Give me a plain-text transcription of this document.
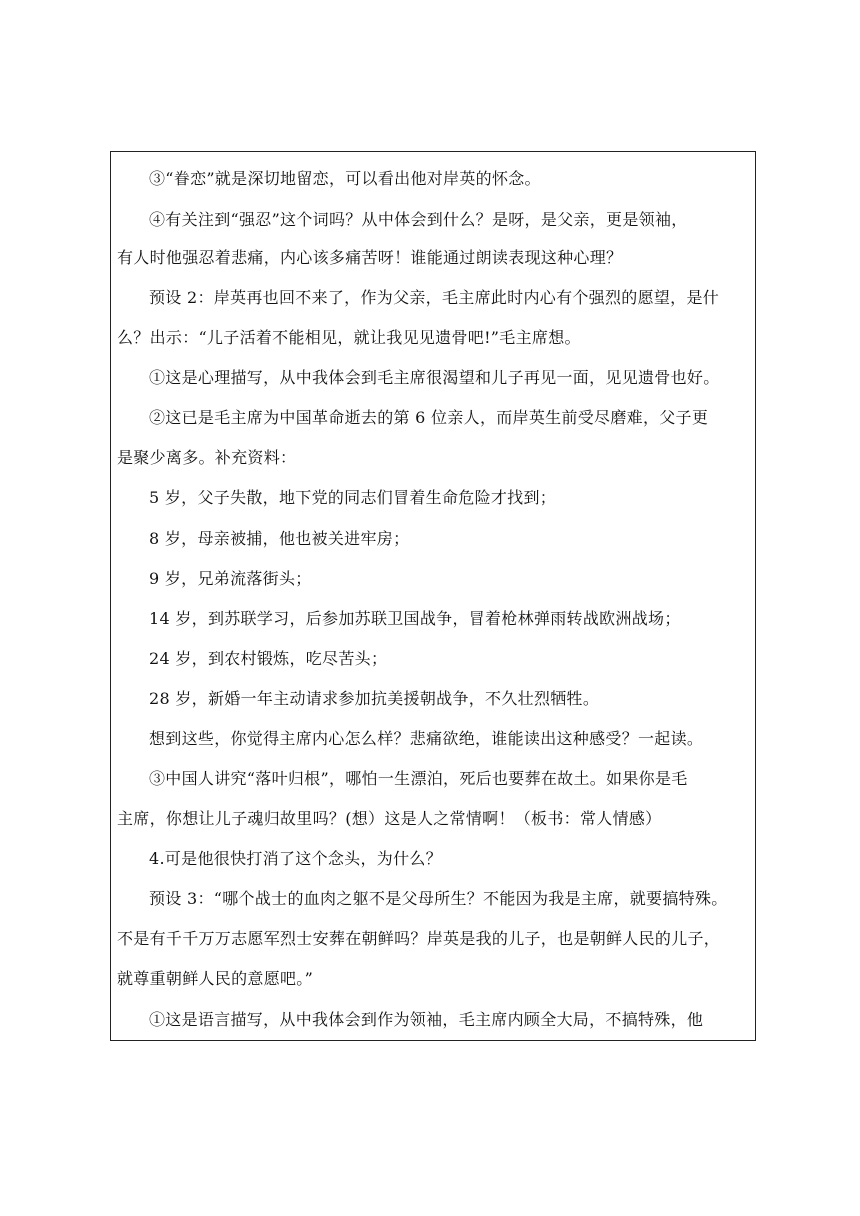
③“眷恋”就是深切地留恋，可以看出他对岸英的怀念。
④有关注到“强忍”这个词吗？从中体会到什么？是呀，是父亲，更是领袖，
有人时他强忍着悲痛，内心该多痛苦呀！谁能通过朗读表现这种心理？
预设 2：岸英再也回不来了，作为父亲，毛主席此时内心有个强烈的愿望，是什
么？出示：“儿子活着不能相见，就让我见见遗骨吧!”毛主席想。
①这是心理描写，从中我体会到毛主席很渴望和儿子再见一面，见见遗骨也好。
②这已是毛主席为中国革命逝去的第 6 位亲人，而岸英生前受尽磨难，父子更
是聚少离多。补充资料：
5 岁，父子失散，地下党的同志们冒着生命危险才找到；
8 岁，母亲被捕，他也被关进牢房；
9 岁，兄弟流落街头；
14 岁，到苏联学习，后参加苏联卫国战争，冒着枪林弹雨转战欧洲战场；
24 岁，到农村锻炼，吃尽苦头；
28 岁，新婚一年主动请求参加抗美援朝战争，不久壮烈牺牲。
想到这些，你觉得主席内心怎么样？悲痛欲绝，谁能读出这种感受？一起读。
③中国人讲究“落叶归根”，哪怕一生漂泊，死后也要葬在故土。如果你是毛
主席，你想让儿子魂归故里吗？(想）这是人之常情啊！（板书：常人情感）
4.可是他很快打消了这个念头，为什么？
预设 3：“哪个战士的血肉之躯不是父母所生？不能因为我是主席，就要搞特殊。
不是有千千万万志愿军烈士安葬在朝鲜吗？岸英是我的儿子，也是朝鲜人民的儿子，
就尊重朝鲜人民的意愿吧。”
①这是语言描写，从中我体会到作为领袖，毛主席内顾全大局，不搞特殊，他
